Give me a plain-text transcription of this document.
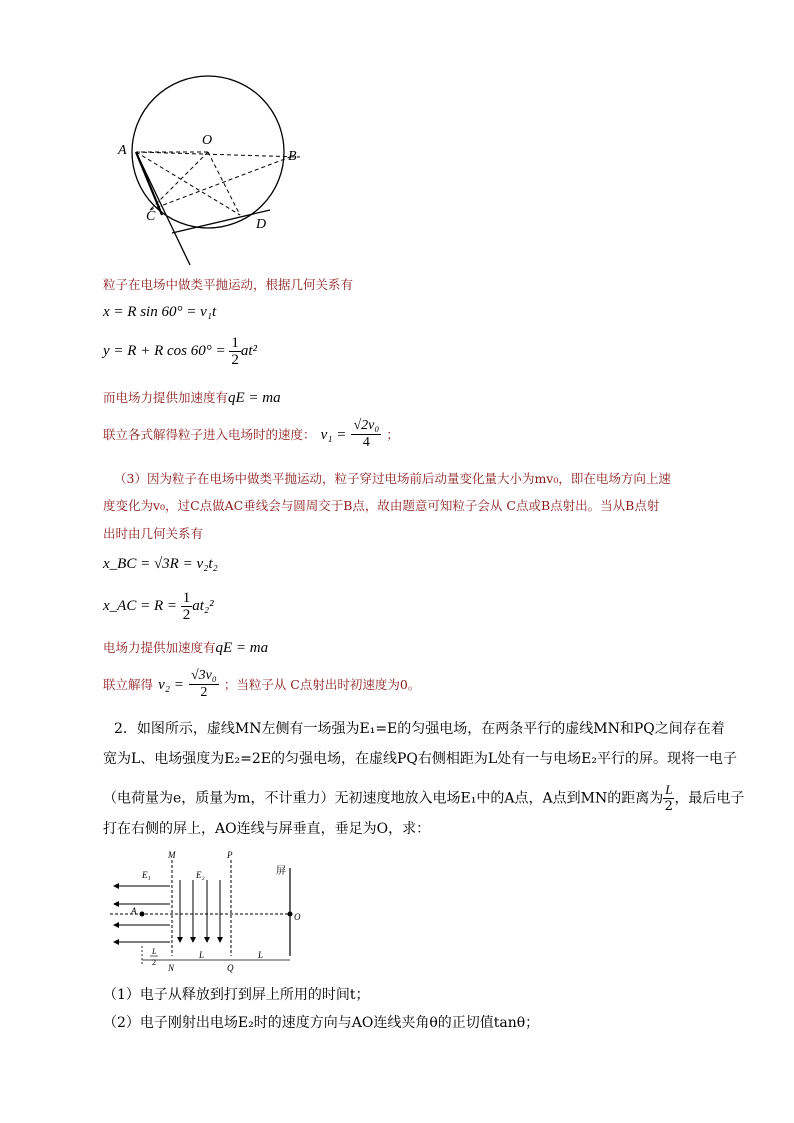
A
O
B
C
D
粒子在电场中做类平抛运动，根据几何关系有
x = R sin 60° = v₁t
y = R + R $\cos 60^\circ = \frac{1}{2} at^2$
而电场力提供加速度有qE = ma
联立各式解得粒子进入电场时的速度： $v_1 = \frac{\text{√2v₀}}{4}$ ；
（3）因为粒子在电场中做类平抛运动，粒子穿过电场前后动量变化量大小为mv₀，即在电场方向上速
度变化为v₀，过C点做AC垂线会与圆周交于B点，故由题意可知粒子会从 C点或B点射出。当从B点射
出时由几何关系有
x_BC = √3R = v₂t₂
x_AC = $R = \frac{1}{2} at_2^2$
电场力提供加速度有qE = ma
联立解得 $v_2 = \frac{\text{√3v₀}}{2}$ ；当粒子从 C点射出时初速度为0。
2．如图所示，虚线MN左侧有一场强为E₁=E的匀强电场，在两条平行的虚线MN和PQ之间存在着
宽为L、电场强度为E₂=2E的匀强电场，在虚线PQ右侧相距为L处有一与电场E₂平行的屏。现将一电子
（电荷量为e，质量为m，不计重力）无初速度地放入电场E₁中的A点，A点到MN的距离为 $\frac{L}{2}$ ，最后电子
打在右侧的屏上，AO连线与屏垂直，垂足为O，求：
M	P
屏
E₁	E₂
A
O
N	Q
L	L
L
2
（1）电子从释放到打到屏上所用的时间t；
（2）电子刚射出电场E₂时的速度方向与AO连线夹角θ的正切值tanθ；
